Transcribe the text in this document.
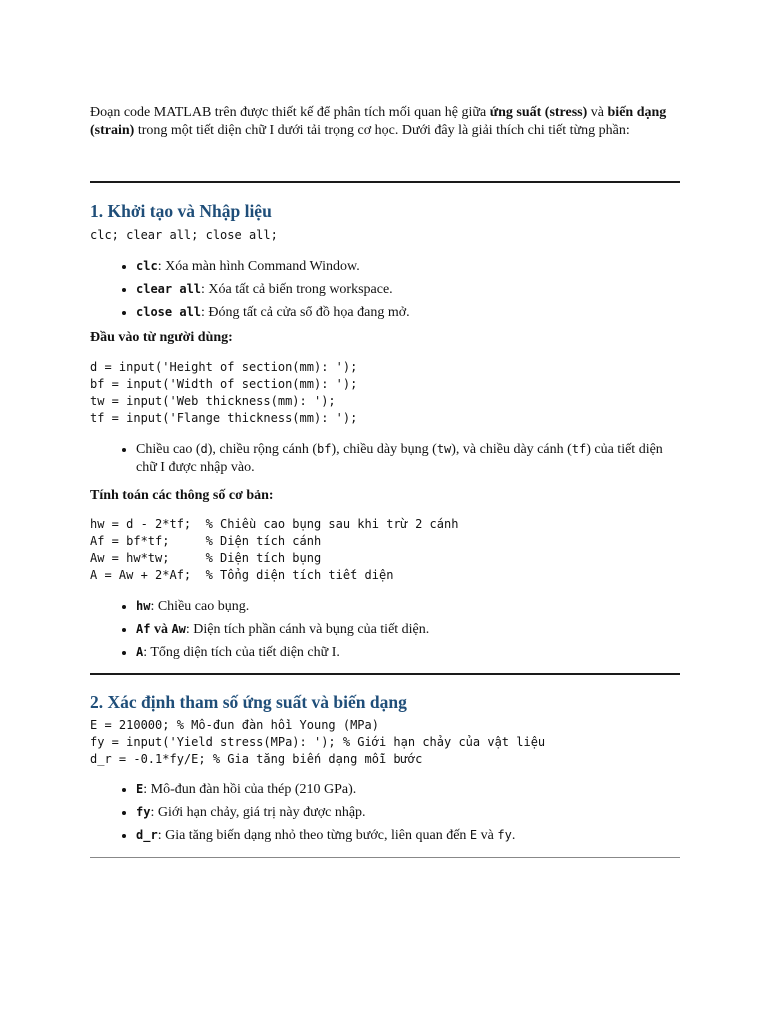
Đoạn code MATLAB trên được thiết kế để phân tích mối quan hệ giữa ứng suất (stress) và biến dạng (strain) trong một tiết diện chữ I dưới tải trọng cơ học. Dưới đây là giải thích chi tiết từng phần:

1. Khởi tạo và Nhập liệu
clc; clear all; close all;
• clc: Xóa màn hình Command Window.
• clear all: Xóa tất cả biến trong workspace.
• close all: Đóng tất cả cửa sổ đồ họa đang mở.

Đầu vào từ người dùng:

d = input('Height of section(mm): ');
bf = input('Width of section(mm): ');
tw = input('Web thickness(mm): ');
tf = input('Flange thickness(mm): ');
• Chiều cao (d), chiều rộng cánh (bf), chiều dày bụng (tw), và chiều dày cánh (tf) của tiết diện chữ I được nhập vào.

Tính toán các thông số cơ bản:

hw = d - 2*tf;  % Chiều cao bụng sau khi trừ 2 cánh
Af = bf*tf;     % Diện tích cánh
Aw = hw*tw;     % Diện tích bụng
A = Aw + 2*Af;  % Tổng diện tích tiết diện
• hw: Chiều cao bụng.
• Af và Aw: Diện tích phần cánh và bụng của tiết diện.
• A: Tổng diện tích của tiết diện chữ I.
2. Xác định tham số ứng suất và biến dạng
E = 210000; % Mô-đun đàn hồi Young (MPa)
fy = input('Yield stress(MPa): '); % Giới hạn chảy của vật liệu
d_r = -0.1*fy/E; % Gia tăng biến dạng mỗi bước
• E: Mô-đun đàn hồi của thép (210 GPa).
• fy: Giới hạn chảy, giá trị này được nhập.
• d_r: Gia tăng biến dạng nhỏ theo từng bước, liên quan đến E và fy.
